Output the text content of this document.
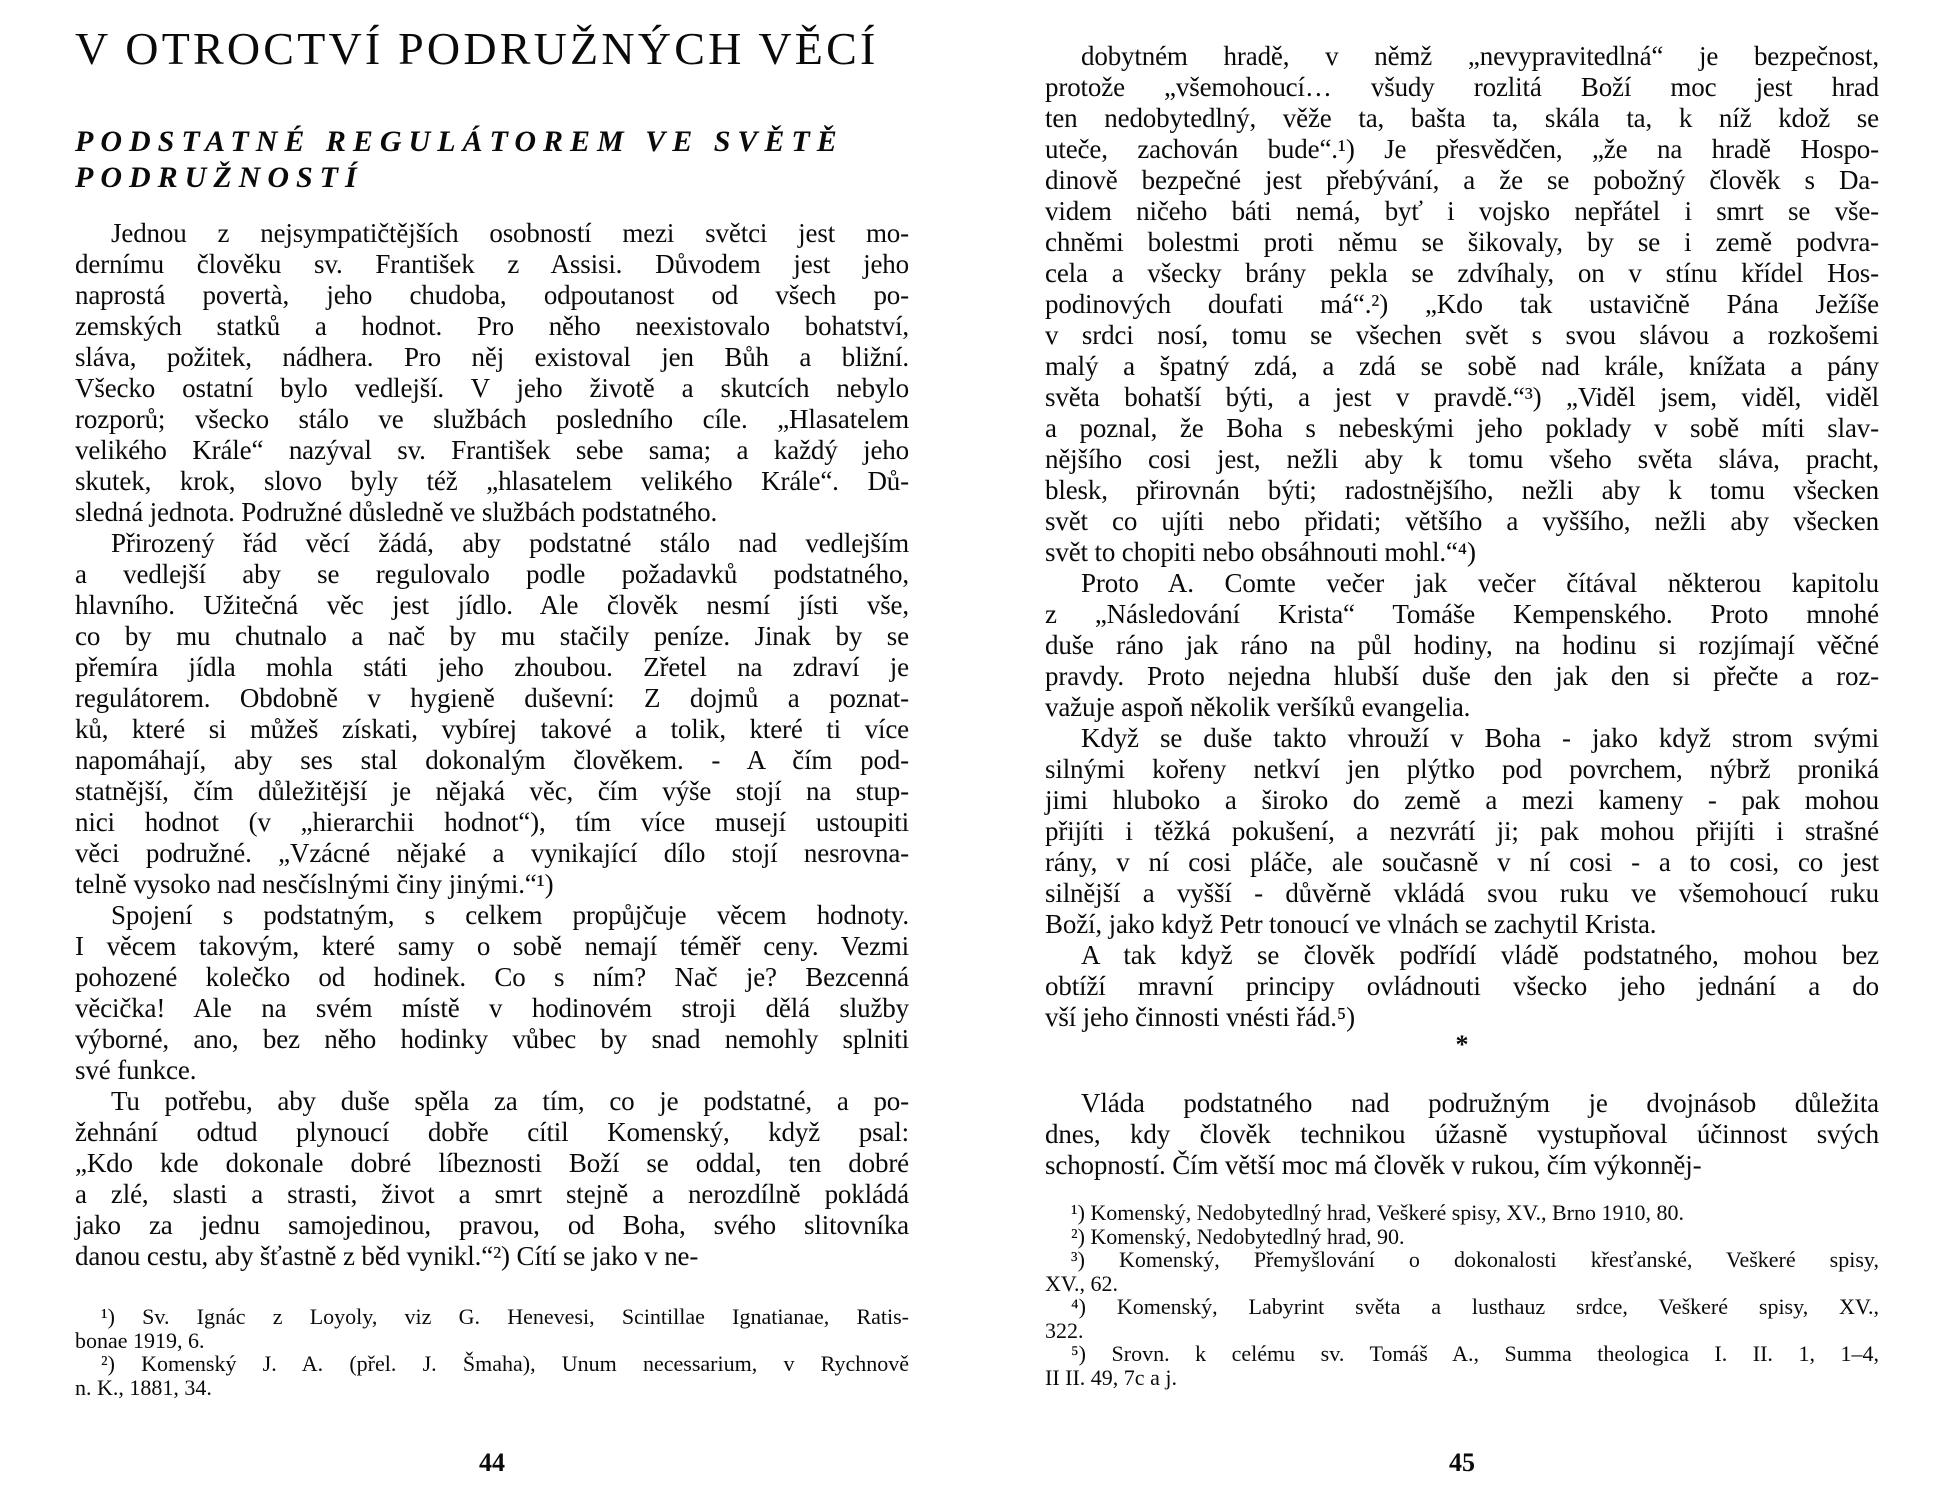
V OTROCTVÍ PODRUŽNÝCH VĚCÍ
PODSTATNÉ REGULÁTOREM VE SVĚTĚ
PODRUŽNOSTÍ
Jednou z nejsympatičtějších osobností mezi světci jest mo-
dernímu člověku sv. František z Assisi. Důvodem jest jeho
naprostá povertà, jeho chudoba, odpoutanost od všech po-
zemských statků a hodnot. Pro něho neexistovalo bohatství,
sláva, požitek, nádhera. Pro něj existoval jen Bůh a bližní.
Všecko ostatní bylo vedlejší. V jeho životě a skutcích nebylo
rozporů; všecko stálo ve službách posledního cíle. „Hlasatelem
velikého Krále“ nazýval sv. František sebe sama; a každý jeho
skutek, krok, slovo byly též „hlasatelem velikého Krále“. Dů-
sledná jednota. Podružné důsledně ve službách podstatného.
Přirozený řád věcí žádá, aby podstatné stálo nad vedlejším
a vedlejší aby se regulovalo podle požadavků podstatného,
hlavního. Užitečná věc jest jídlo. Ale člověk nesmí jísti vše,
co by mu chutnalo a nač by mu stačily peníze. Jinak by se
přemíra jídla mohla státi jeho zhoubou. Zřetel na zdraví je
regulátorem. Obdobně v hygieně duševní: Z dojmů a poznat-
ků, které si můžeš získati, vybírej takové a tolik, které ti více
napomáhají, aby ses stal dokonalým člověkem. - A čím pod-
statnější, čím důležitější je nějaká věc, čím výše stojí na stup-
nici hodnot (v „hierarchii hodnot“), tím více musejí ustoupiti
věci podružné. „Vzácné nějaké a vynikající dílo stojí nesrovna-
telně vysoko nad nesčíslnými činy jinými.“¹)
Spojení s podstatným, s celkem propůjčuje věcem hodnoty.
I věcem takovým, které samy o sobě nemají téměř ceny. Vezmi
pohozené kolečko od hodinek. Co s ním? Nač je? Bezcenná
věcička! Ale na svém místě v hodinovém stroji dělá služby
výborné, ano, bez něho hodinky vůbec by snad nemohly splniti
své funkce.
Tu potřebu, aby duše spěla za tím, co je podstatné, a po-
žehnání odtud plynoucí dobře cítil Komenský, když psal:
„Kdo kde dokonale dobré líbeznosti Boží se oddal, ten dobré
a zlé, slasti a strasti, život a smrt stejně a nerozdílně pokládá
jako za jednu samojedinou, pravou, od Boha, svého slitovníka
danou cestu, aby šťastně z běd vynikl.“²) Cítí se jako v ne-
¹) Sv. Ignác z Loyoly, viz G. Henevesi, Scintillae Ignatianae, Ratis-
bonae 1919, 6.
²) Komenský J. A. (přel. J. Šmaha), Unum necessarium, v Rychnově
n. K., 1881, 34.
44
dobytném hradě, v němž „nevypravitedlná“ je bezpečnost,
protože „všemohoucí… všudy rozlitá Boží moc jest hrad
ten nedobytedlný, věže ta, bašta ta, skála ta, k níž kdož se
uteče, zachován bude“.¹) Je přesvědčen, „že na hradě Hospo-
dinově bezpečné jest přebývání, a že se pobožný člověk s Da-
videm ničeho báti nemá, byť i vojsko nepřátel i smrt se vše-
chněmi bolestmi proti němu se šikovaly, by se i země podvra-
cela a všecky brány pekla se zdvíhaly, on v stínu křídel Hos-
podinových doufati má“.²) „Kdo tak ustavičně Pána Ježíše
v srdci nosí, tomu se všechen svět s svou slávou a rozkošemi
malý a špatný zdá, a zdá se sobě nad krále, knížata a pány
světa bohatší býti, a jest v pravdě.“³) „Viděl jsem, viděl, viděl
a poznal, že Boha s nebeskými jeho poklady v sobě míti slav-
nějšího cosi jest, nežli aby k tomu všeho světa sláva, pracht,
blesk, přirovnán býti; radostnějšího, nežli aby k tomu všecken
svět co ujíti nebo přidati; většího a vyššího, nežli aby všecken
svět to chopiti nebo obsáhnouti mohl.“⁴)
Proto A. Comte večer jak večer čítával některou kapitolu
z „Následování Krista“ Tomáše Kempenského. Proto mnohé
duše ráno jak ráno na půl hodiny, na hodinu si rozjímají věčné
pravdy. Proto nejedna hlubší duše den jak den si přečte a roz-
važuje aspoň několik veršíků evangelia.
Když se duše takto vhrouží v Boha - jako když strom svými
silnými kořeny netkví jen plýtko pod povrchem, nýbrž proniká
jimi hluboko a široko do země a mezi kameny - pak mohou
přijíti i těžká pokušení, a nezvrátí ji; pak mohou přijíti i strašné
rány, v ní cosi pláče, ale současně v ní cosi - a to cosi, co jest
silnější a vyšší - důvěrně vkládá svou ruku ve všemohoucí ruku
Boží, jako když Petr tonoucí ve vlnách se zachytil Krista.
A tak když se člověk podřídí vládě podstatného, mohou bez
obtíží mravní principy ovládnouti všecko jeho jednání a do
vší jeho činnosti vnésti řád.⁵)
*
Vláda podstatného nad podružným je dvojnásob důležita
dnes, kdy člověk technikou úžasně vystupňoval účinnost svých
schopností. Čím větší moc má člověk v rukou, čím výkonněj-
¹) Komenský, Nedobytedlný hrad, Veškeré spisy, XV., Brno 1910, 80.
²) Komenský, Nedobytedlný hrad, 90.
³) Komenský, Přemyšlování o dokonalosti křesťanské, Veškeré spisy,
XV., 62.
⁴) Komenský, Labyrint světa a lusthauz srdce, Veškeré spisy, XV.,
322.
⁵) Srovn. k celému sv. Tomáš A., Summa theologica I. II. 1, 1–4,
II II. 49, 7c a j.
45
